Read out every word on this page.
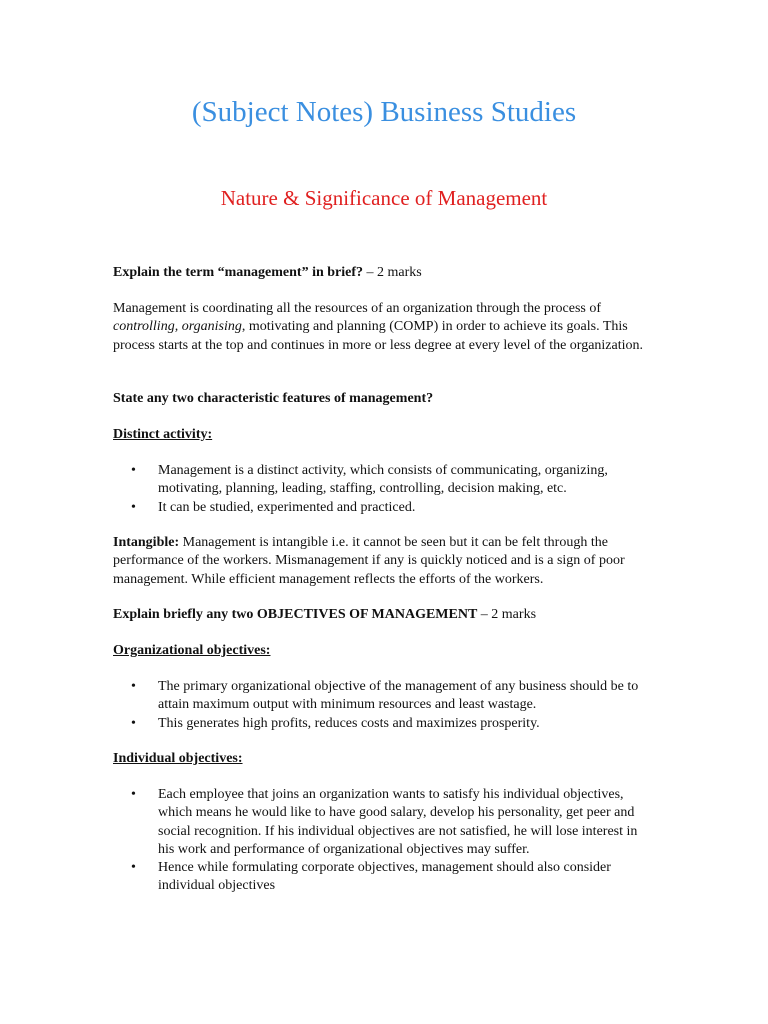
(Subject Notes) Business Studies
Nature & Significance of Management
Explain the term “management” in brief? – 2 marks
Management is coordinating all the resources of an organization through the process of controlling, organising, motivating and planning (COMP) in order to achieve its goals. This process starts at the top and continues in more or less degree at every level of the organization.
State any two characteristic features of management?
Distinct activity:
• Management is a distinct activity, which consists of communicating, organizing, motivating, planning, leading, staffing, controlling, decision making, etc.
• It can be studied, experimented and practiced.
Intangible: Management is intangible i.e. it cannot be seen but it can be felt through the performance of the workers. Mismanagement if any is quickly noticed and is a sign of poor management. While efficient management reflects the efforts of the workers.
Explain briefly any two OBJECTIVES OF MANAGEMENT – 2 marks
Organizational objectives:
• The primary organizational objective of the management of any business should be to attain maximum output with minimum resources and least wastage.
• This generates high profits, reduces costs and maximizes prosperity.
Individual objectives:
• Each employee that joins an organization wants to satisfy his individual objectives, which means he would like to have good salary, develop his personality, get peer and social recognition. If his individual objectives are not satisfied, he will lose interest in his work and performance of organizational objectives may suffer.
• Hence while formulating corporate objectives, management should also consider individual objectives
